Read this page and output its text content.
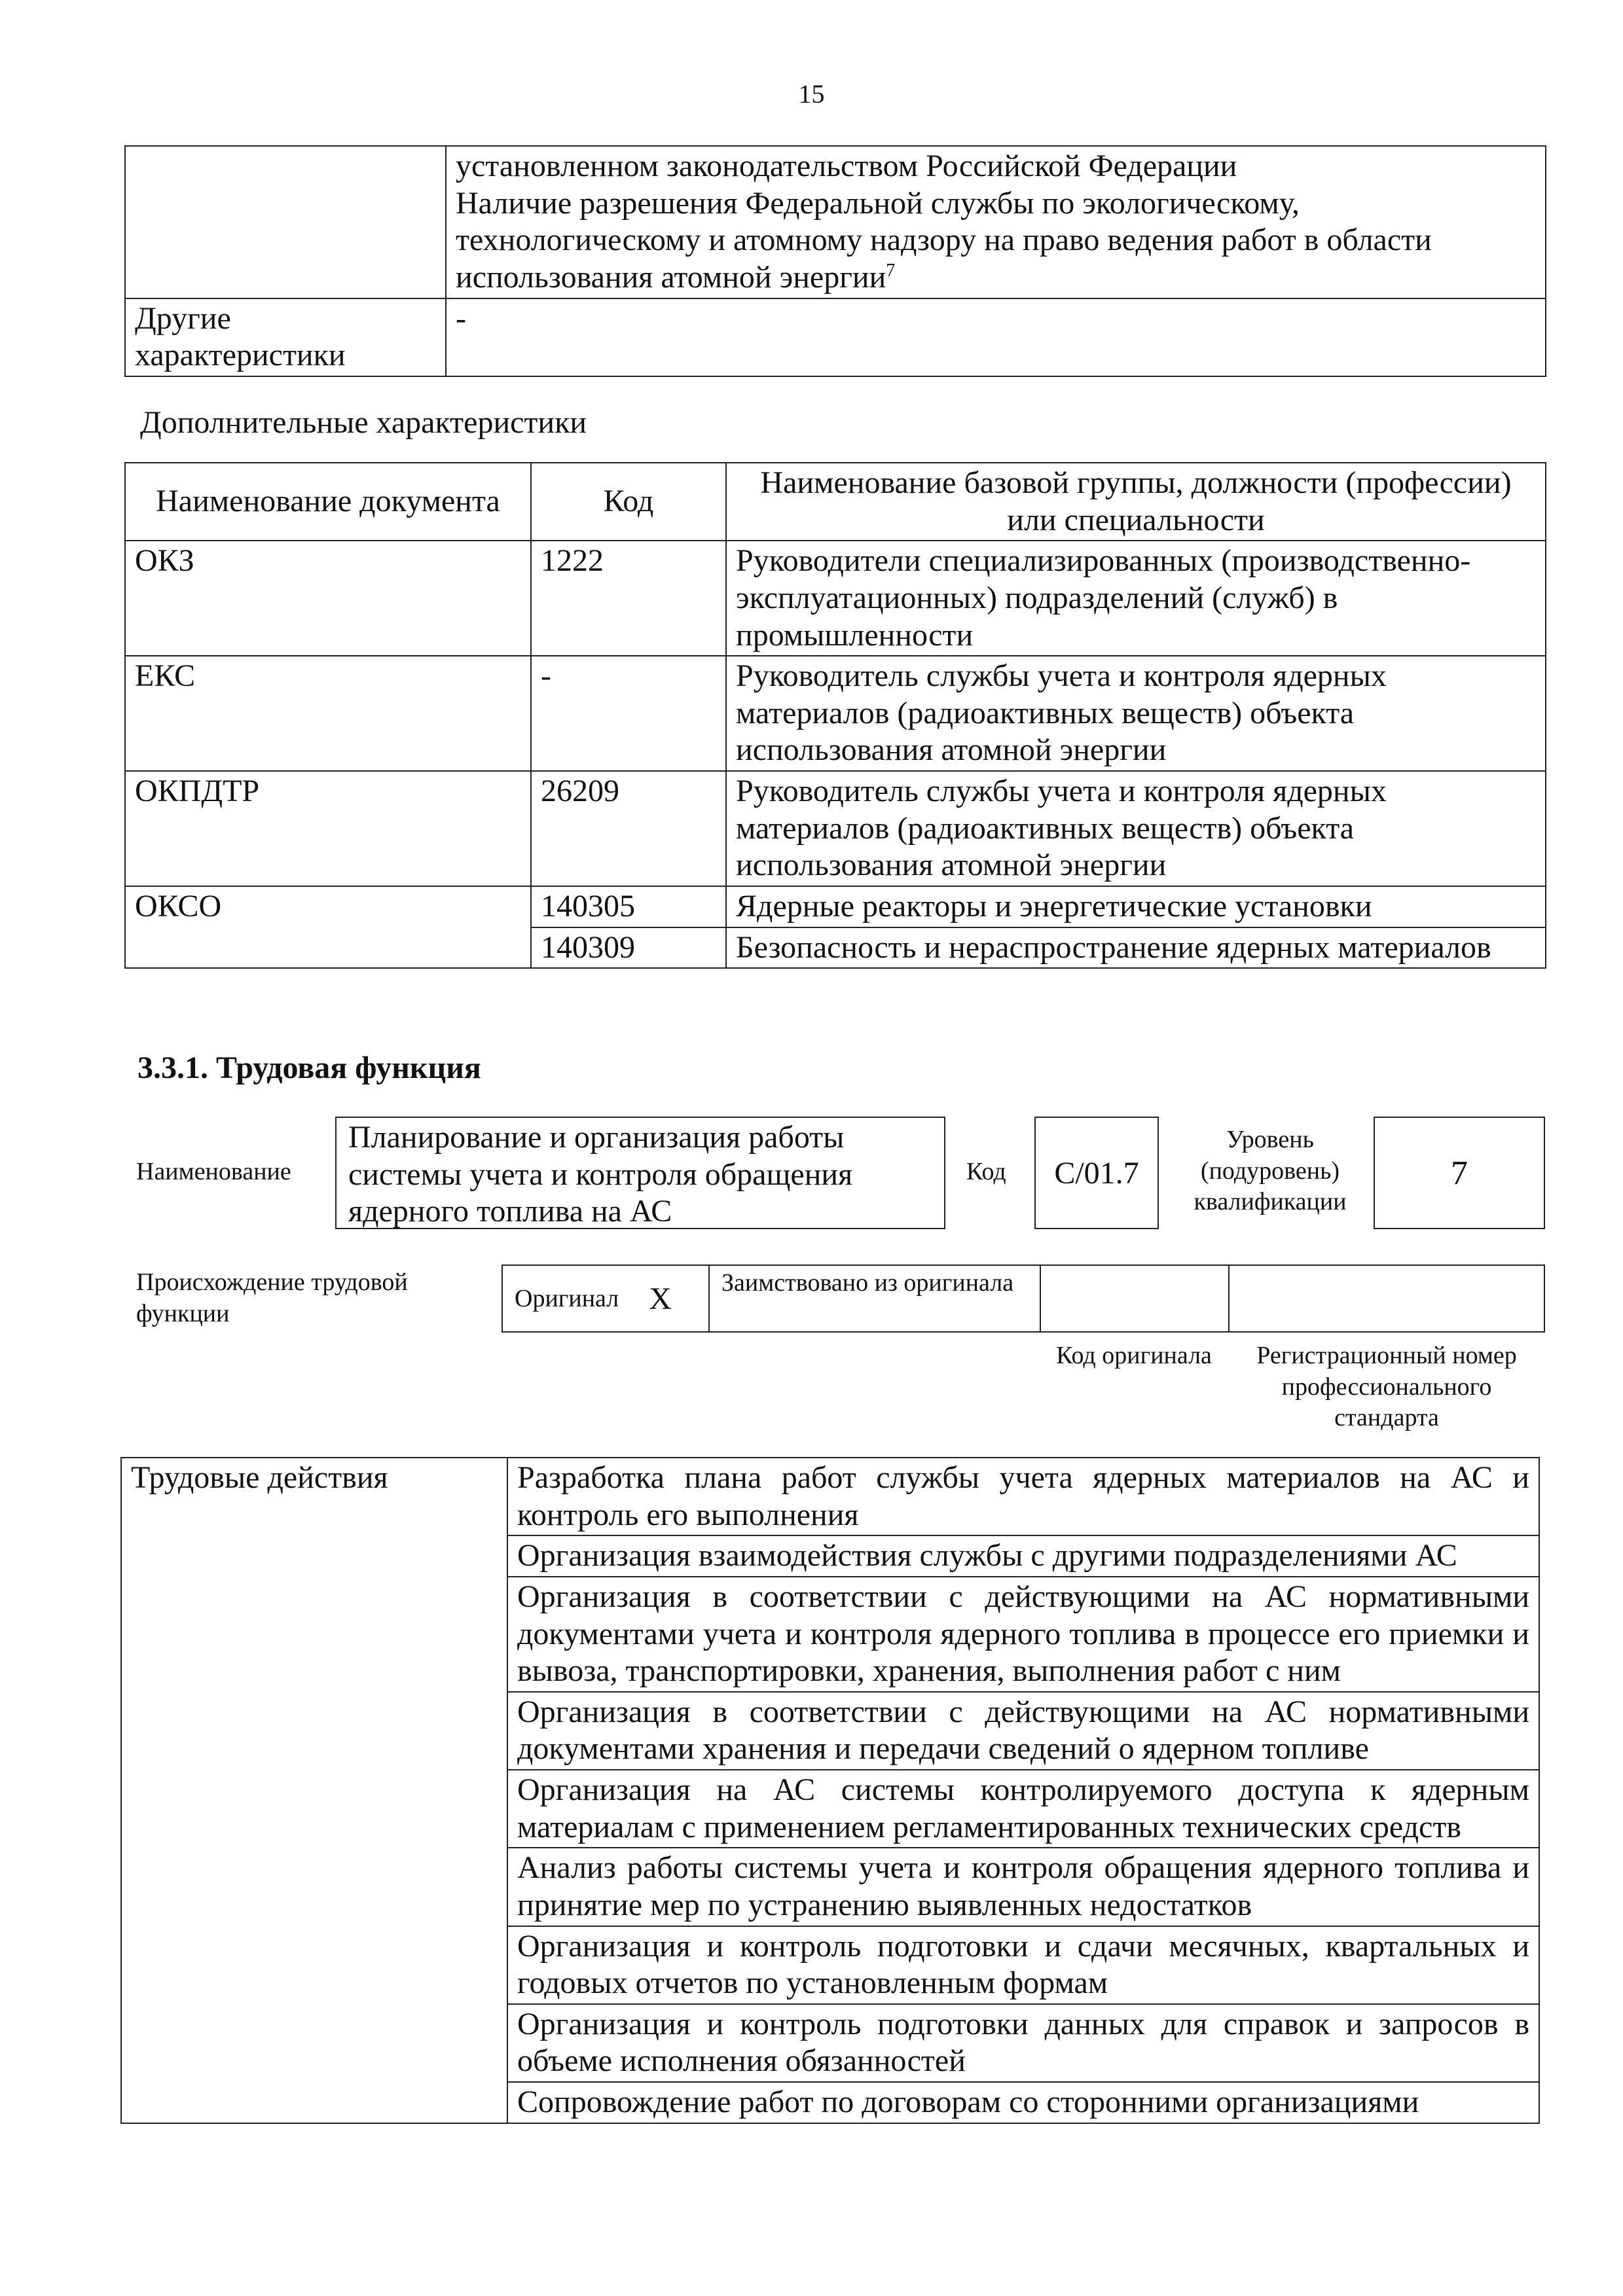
15

	установленном законодательством Российской Федерации
Наличие разрешения Федеральной службы по экологическому,
технологическому и атомному надзору на право ведения работ в области
использования атомной энергии$^7$

Другие характеристики	-
Дополнительные характеристики
Наименование документа	Код	Наименование базовой группы, должности (профессии) или специальности
ОКЗ	1222	Руководители специализированных (производственно-эксплуатационных) подразделений (служб) в промышленности
ЕКС	-	Руководитель службы учета и контроля ядерных материалов (радиоактивных веществ) объекта использования атомной энергии
ОКПДТР	26209	Руководитель службы учета и контроля ядерных материалов (радиоактивных веществ) объекта использования атомной энергии
ОКСО	140305	Ядерные реакторы и энергетические установки
	140309	Безопасность и нераспространение ядерных материалов
3.3.1. Трудовая функция
Наименование
Планирование и организация работы системы учета и контроля обращения ядерного топлива на АС
Код	С/01.7
Уровень (подуровень) квалификации
7
Происхождение трудовой функции
Оригинал X	Заимствовано из оригинала
Код оригинала	Регистрационный номер профессионального стандарта
Трудовые действия	Разработка плана работ службы учета ядерных материалов на АС и контроль его выполнения
Организация взаимодействия службы с другими подразделениями АС
Организация в соответствии с действующими на АС нормативными документами учета и контроля ядерного топлива в процессе его приемки и вывоза, транспортировки, хранения, выполнения работ с ним
Организация в соответствии с действующими на АС нормативными документами хранения и передачи сведений о ядерном топливе
Организация на АС системы контролируемого доступа к ядерным материалам с применением регламентированных технических средств
Анализ работы системы учета и контроля обращения ядерного топлива и принятие мер по устранению выявленных недостатков
Организация и контроль подготовки и сдачи месячных, квартальных и годовых отчетов по установленным формам
Организация и контроль подготовки данных для справок и запросов в объеме исполнения обязанностей
Сопровождение работ по договорам со сторонними организациями
